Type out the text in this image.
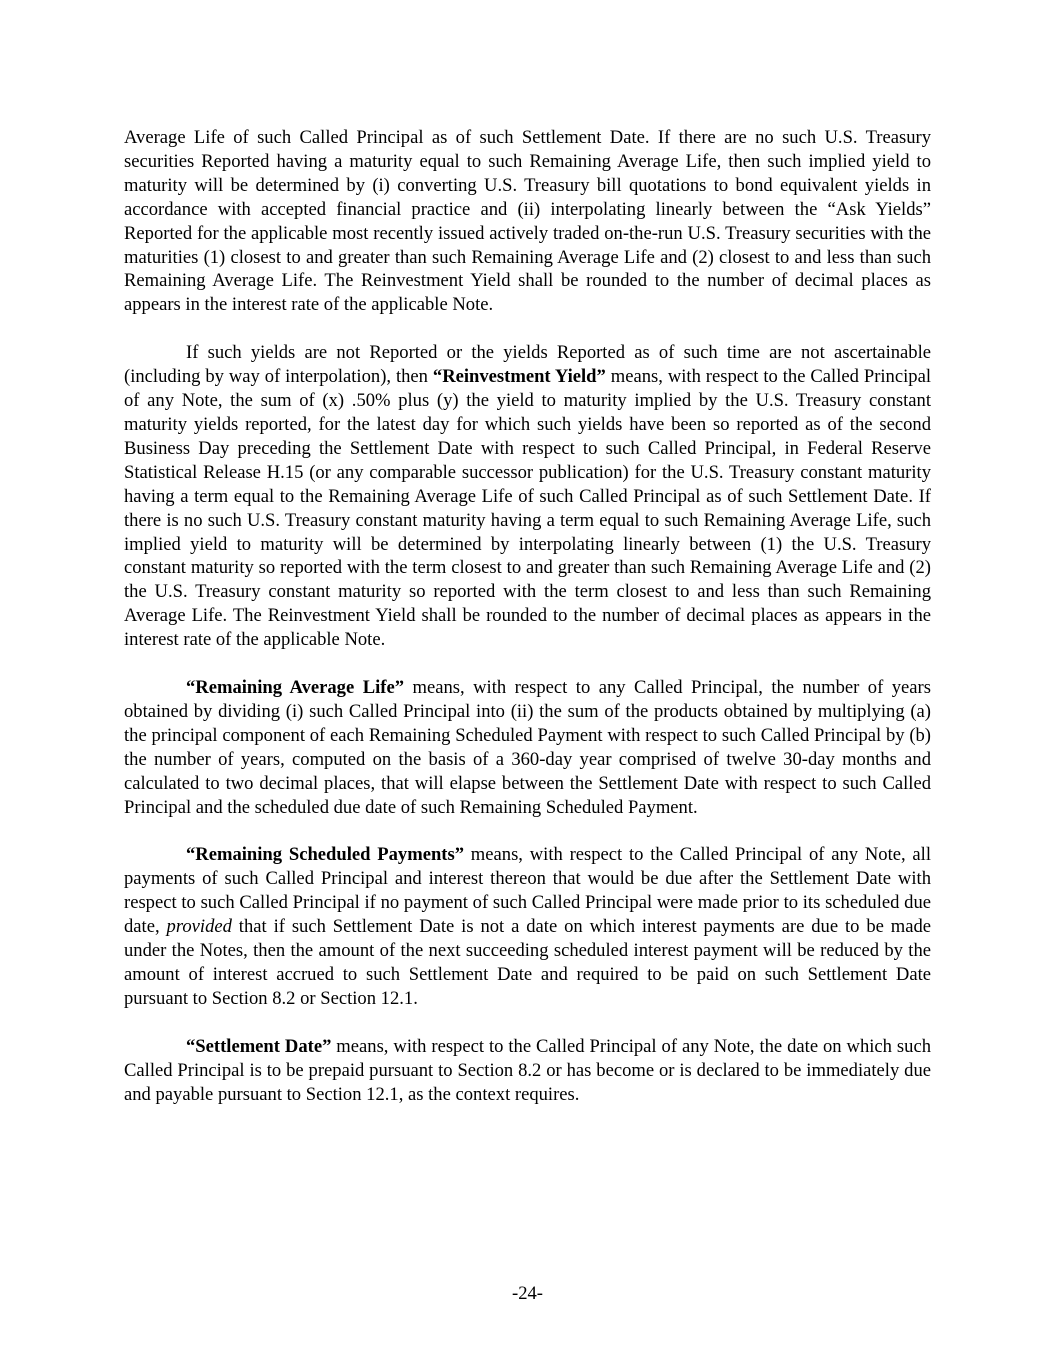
Average Life of such Called Principal as of such Settlement Date. If there are no such U.S. Treasury securities Reported having a maturity equal to such Remaining Average Life, then such implied yield to maturity will be determined by (i) converting U.S. Treasury bill quotations to bond equivalent yields in accordance with accepted financial practice and (ii) interpolating linearly between the “Ask Yields” Reported for the applicable most recently issued actively traded on-the-run U.S. Treasury securities with the maturities (1) closest to and greater than such Remaining Average Life and (2) closest to and less than such Remaining Average Life. The Reinvestment Yield shall be rounded to the number of decimal places as appears in the interest rate of the applicable Note.

If such yields are not Reported or the yields Reported as of such time are not ascertainable (including by way of interpolation), then “Reinvestment Yield” means, with respect to the Called Principal of any Note, the sum of (x) .50% plus (y) the yield to maturity implied by the U.S. Treasury constant maturity yields reported, for the latest day for which such yields have been so reported as of the second Business Day preceding the Settlement Date with respect to such Called Principal, in Federal Reserve Statistical Release H.15 (or any comparable successor publication) for the U.S. Treasury constant maturity having a term equal to the Remaining Average Life of such Called Principal as of such Settlement Date. If there is no such U.S. Treasury constant maturity having a term equal to such Remaining Average Life, such implied yield to maturity will be determined by interpolating linearly between (1) the U.S. Treasury constant maturity so reported with the term closest to and greater than such Remaining Average Life and (2) the U.S. Treasury constant maturity so reported with the term closest to and less than such Remaining Average Life. The Reinvestment Yield shall be rounded to the number of decimal places as appears in the interest rate of the applicable Note.

“Remaining Average Life” means, with respect to any Called Principal, the number of years obtained by dividing (i) such Called Principal into (ii) the sum of the products obtained by multiplying (a) the principal component of each Remaining Scheduled Payment with respect to such Called Principal by (b) the number of years, computed on the basis of a 360-day year comprised of twelve 30-day months and calculated to two decimal places, that will elapse between the Settlement Date with respect to such Called Principal and the scheduled due date of such Remaining Scheduled Payment.

“Remaining Scheduled Payments” means, with respect to the Called Principal of any Note, all payments of such Called Principal and interest thereon that would be due after the Settlement Date with respect to such Called Principal if no payment of such Called Principal were made prior to its scheduled due date, provided that if such Settlement Date is not a date on which interest payments are due to be made under the Notes, then the amount of the next succeeding scheduled interest payment will be reduced by the amount of interest accrued to such Settlement Date and required to be paid on such Settlement Date pursuant to Section 8.2 or Section 12.1.

“Settlement Date” means, with respect to the Called Principal of any Note, the date on which such Called Principal is to be prepaid pursuant to Section 8.2 or has become or is declared to be immediately due and payable pursuant to Section 12.1, as the context requires.

-24-
